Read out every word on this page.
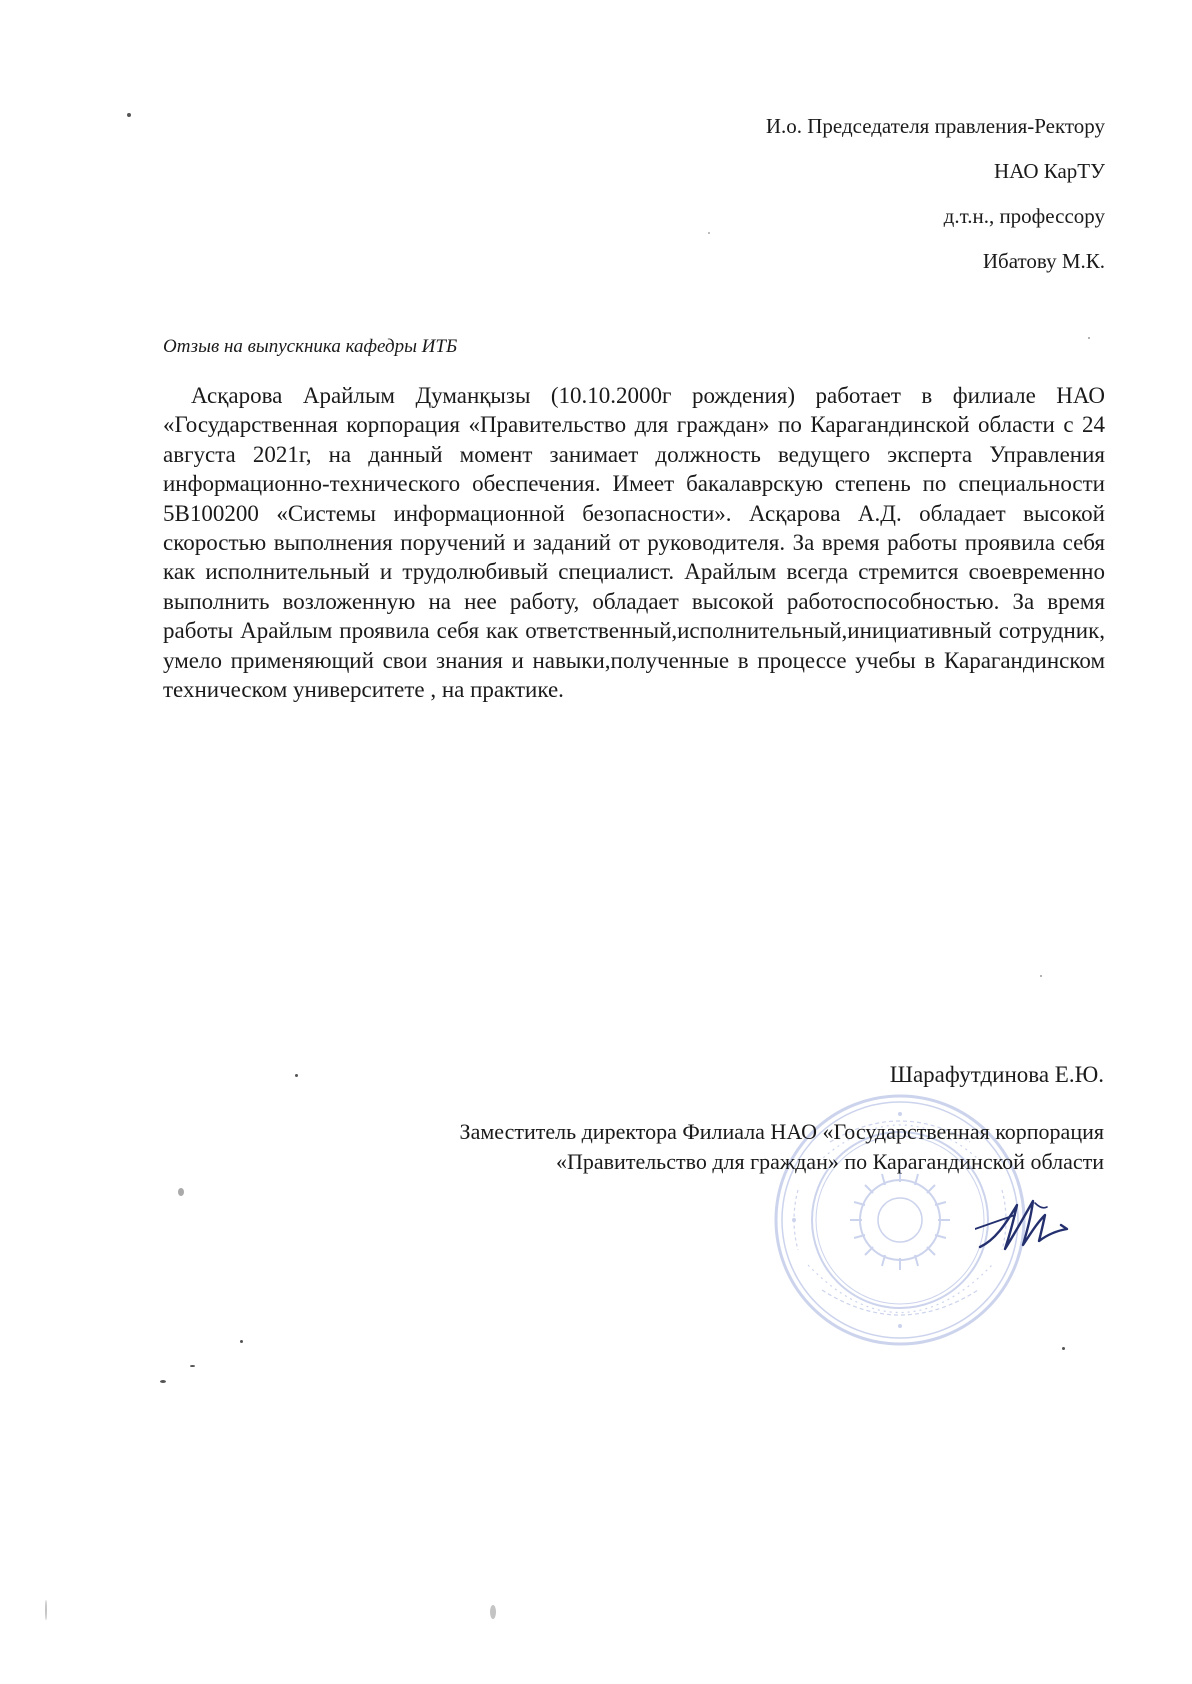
И.о. Председателя правления-Ректору
НАО КарТУ
д.т.н., профессору
Ибатову М.К.
Отзыв на выпускника кафедры ИТБ

Асқарова Арайлым Думанқызы (10.10.2000г рождения) работает в филиале НАО «Государственная корпорация «Правительство для граждан» по Карагандинской области с 24 августа 2021г, на данный момент занимает должность ведущего эксперта Управления информационно-технического обеспечения. Имеет бакалаврскую степень по специальности 5В100200 «Системы информационной безопасности». Асқарова А.Д. обладает высокой скоростью выполнения поручений и заданий от руководителя. За время работы проявила себя как исполнительный и трудолюбивый специалист. Арайлым всегда стремится своевременно выполнить возложенную на нее работу, обладает высокой работоспособностью. За время работы Арайлым проявила себя как ответственный,исполнительный,инициативный сотрудник, умело применяющий свои знания и навыки,полученные в процессе учебы в Карагандинском техническом университете , на практике.

Шарафутдинова Е.Ю.
Заместитель директора Филиала НАО «Государственная корпорация
«Правительство для граждан» по Карагандинской области
